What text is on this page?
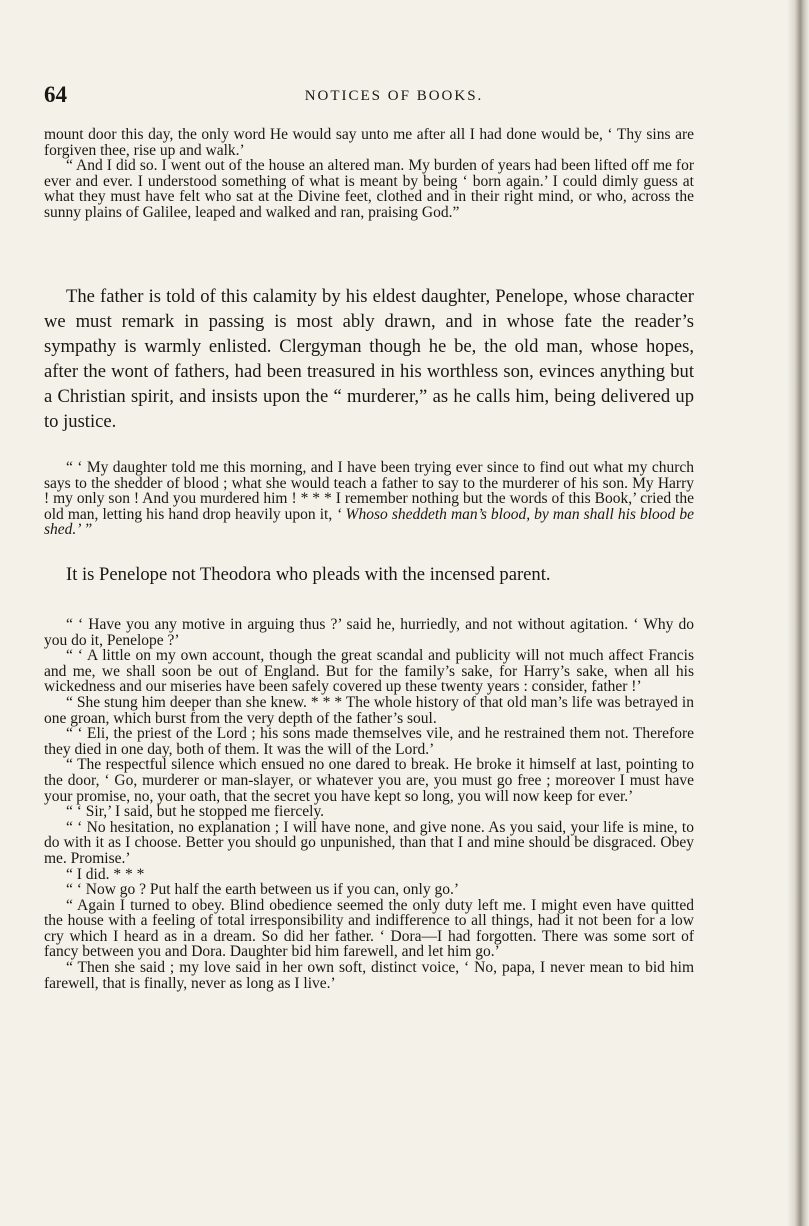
64	NOTICES OF BOOKS.
mount door this day, the only word He would say unto me after all I had done would be, ‘ Thy sins are forgiven thee, rise up and walk.’
“ And I did so. I went out of the house an altered man. My burden of years had been lifted off me for ever and ever. I understood something of what is meant by being ‘ born again.’ I could dimly guess at what they must have felt who sat at the Divine feet, clothed and in their right mind, or who, across the sunny plains of Galilee, leaped and walked and ran, praising God.”
The father is told of this calamity by his eldest daughter, Penelope, whose character we must remark in passing is most ably drawn, and in whose fate the reader’s sympathy is warmly enlisted. Clergyman though he be, the old man, whose hopes, after the wont of fathers, had been treasured in his worthless son, evinces anything but a Christian spirit, and insists upon the “ murderer,” as he calls him, being delivered up to justice.
“ ‘ My daughter told me this morning, and I have been trying ever since to find out what my church says to the shedder of blood ; what she would teach a father to say to the murderer of his son. My Harry ! my only son ! And you murdered him ! * * * I remember nothing but the words of this Book,’ cried the old man, letting his hand drop heavily upon it, ‘ Whoso sheddeth man’s blood, by man shall his blood be shed.’ ”
It is Penelope not Theodora who pleads with the incensed parent.
“ ‘ Have you any motive in arguing thus ?’ said he, hurriedly, and not without agitation. ‘ Why do you do it, Penelope ?’
“ ‘ A little on my own account, though the great scandal and publicity will not much affect Francis and me, we shall soon be out of England. But for the family’s sake, for Harry’s sake, when all his wickedness and our miseries have been safely covered up these twenty years : consider, father !’
“ She stung him deeper than she knew. * * * The whole history of that old man’s life was betrayed in one groan, which burst from the very depth of the father’s soul.
“ ‘ Eli, the priest of the Lord ; his sons made themselves vile, and he restrained them not. Therefore they died in one day, both of them. It was the will of the Lord.’
“ The respectful silence which ensued no one dared to break. He broke it himself at last, pointing to the door, ‘ Go, murderer or man-slayer, or whatever you are, you must go free ; moreover I must have your promise, no, your oath, that the secret you have kept so long, you will now keep for ever.’
“ ‘ Sir,’ I said, but he stopped me fiercely.
“ ‘ No hesitation, no explanation ; I will have none, and give none. As you said, your life is mine, to do with it as I choose. Better you should go unpunished, than that I and mine should be disgraced. Obey me. Promise.’
“ I did. * * *
“ ‘ Now go ? Put half the earth between us if you can, only go.’
“ Again I turned to obey. Blind obedience seemed the only duty left me. I might even have quitted the house with a feeling of total irresponsibility and indifference to all things, had it not been for a low cry which I heard as in a dream. So did her father. ‘ Dora—I had forgotten. There was some sort of fancy between you and Dora. Daughter bid him farewell, and let him go.’
“ Then she said ; my love said in her own soft, distinct voice, ‘ No, papa, I never mean to bid him farewell, that is finally, never as long as I live.’
